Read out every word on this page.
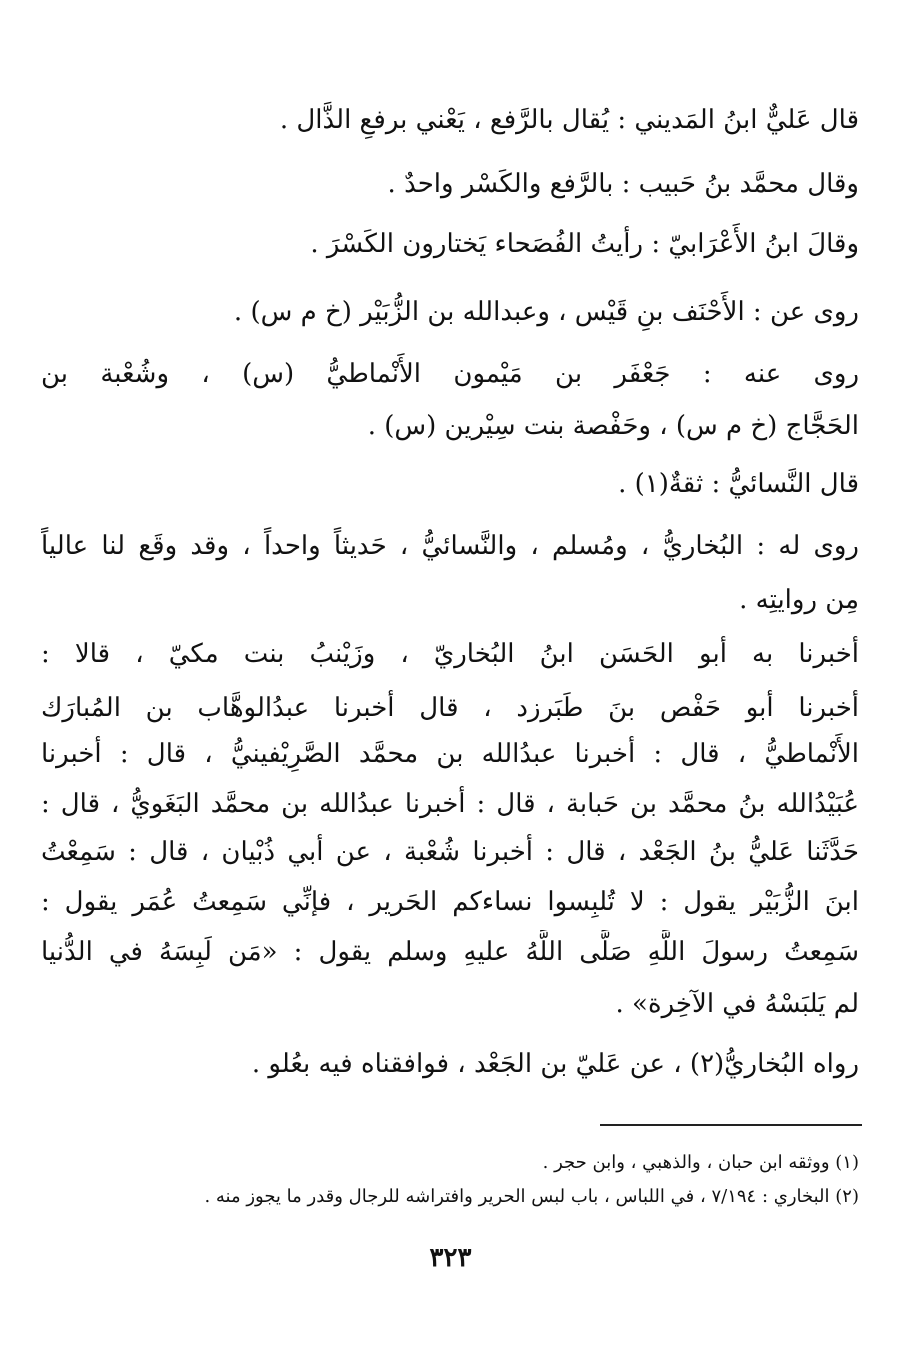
قال عَليٌّ ابنُ المَديني : يُقال بالرَّفع ، يَعْني برفعِ الذَّال .
وقال محمَّد بنُ حَبيب : بالرَّفع والكَسْر واحدٌ .
وقالَ ابنُ الأَعْرَابيّ : رأيتُ الفُصَحاء يَختارون الكَسْرَ .
روى عن : الأَحْنَف بنِ قَيْس ، وعبدالله بن الزُّبَيْر (خ م س) .
روى عنه : جَعْفَر بن مَيْمون الأَنْماطيُّ (س) ، وشُعْبة بن
الحَجَّاج (خ م س) ، وحَفْصة بنت سِيْرين (س) .
قال النَّسائيُّ : ثقةٌ(١) .
روى له : البُخاريُّ ، ومُسلم ، والنَّسائيُّ ، حَديثاً واحداً ، وقد وقَع لنا عالياً
مِن روايتِه .
أخبرنا به أبو الحَسَن ابنُ البُخاريّ ، وزَيْنبُ بنت مكيّ ، قالا :
أخبرنا أبو حَفْص بنَ طَبَرزد ، قال أخبرنا عبدُالوهَّاب بن المُبارَك
الأَنْماطيُّ ، قال : أخبرنا عبدُالله بن محمَّد الصَّرِيْفينيُّ ، قال : أخبرنا
عُبَيْدُالله بنُ محمَّد بن حَبابة ، قال : أخبرنا عبدُالله بن محمَّد البَغَويُّ ، قال :
حَدَّثَنا عَليُّ بنُ الجَعْد ، قال : أخبرنا شُعْبة ، عن أبي ذُبْيان ، قال : سَمِعْتُ
ابنَ الزُّبَيْر يقول : لا تُلبِسوا نساءكم الحَرير ، فإنِّي سَمِعتُ عُمَر يقول :
سَمِعتُ رسولَ اللَّهِ صَلَّى اللَّهُ عليهِ وسلم يقول : «مَن لَبِسَهُ في الدُّنيا
لم يَلبَسْهُ في الآخِرة» .
رواه البُخاريُّ(٢) ، عن عَليّ بن الجَعْد ، فوافقناه فيه بعُلو .
(١) ووثقه ابن حبان ، والذهبي ، وابن حجر .
(٢) البخاري : ٧/١٩٤ ، في اللباس ، باب لبس الحرير وافتراشه للرجال وقدر ما يجوز منه .
٣٢٣
